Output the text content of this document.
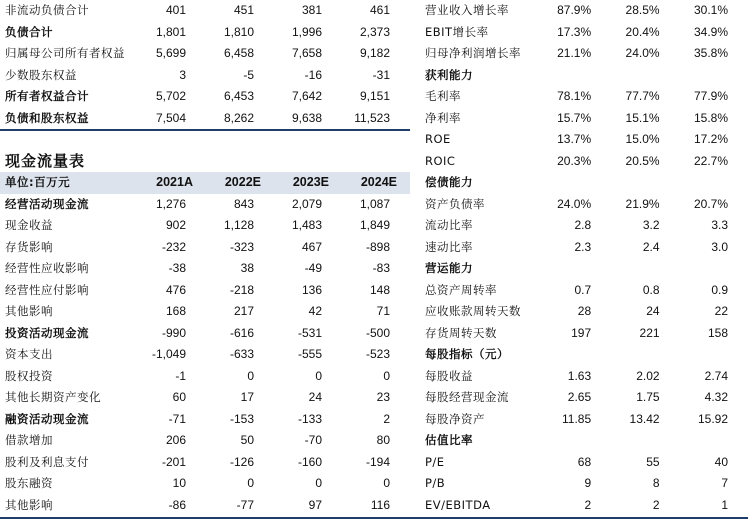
非流动负债合计	401	451	381	461
负债合计	1,801	1,810	1,996	2,373
归属母公司所有者权益	5,699	6,458	7,658	9,182
少数股东权益	3	-5	-16	-31
所有者权益合计	5,702	6,453	7,642	9,151
负债和股东权益	7,504	8,262	9,638	11,523
现金流量表
单位:百万元	2021A	2022E	2023E	2024E
经营活动现金流	1,276	843	2,079	1,087
现金收益	902	1,128	1,483	1,849
存货影响	-232	-323	467	-898
经营性应收影响	-38	38	-49	-83
经营性应付影响	476	-218	136	148
其他影响	168	217	42	71
投资活动现金流	-990	-616	-531	-500
资本支出	-1,049	-633	-555	-523
股权投资	-1	0	0	0
其他长期资产变化	60	17	24	23
融资活动现金流	-71	-153	-133	2
借款增加	206	50	-70	80
股利及利息支付	-201	-126	-160	-194
股东融资	10	0	0	0
其他影响	-86	-77	97	116
营业收入增长率	87.9%	28.5%	30.1%
EBIT增长率	17.3%	20.4%	34.9%
归母净利润增长率	21.1%	24.0%	35.8%
获利能力			
毛利率	78.1%	77.7%	77.9%
净利率	15.7%	15.1%	15.8%
ROE	13.7%	15.0%	17.2%
ROIC	20.3%	20.5%	22.7%
偿债能力			
资产负债率	24.0%	21.9%	20.7%
流动比率	2.8	3.2	3.3
速动比率	2.3	2.4	3.0
营运能力			
总资产周转率	0.7	0.8	0.9
应收账款周转天数	28	24	22
存货周转天数	197	221	158
每股指标（元）			
每股收益	1.63	2.02	2.74
每股经营现金流	2.65	1.75	4.32
每股净资产	11.85	13.42	15.92
估值比率			
P/E	68	55	40
P/B	9	8	7
EV/EBITDA	2	2	1
